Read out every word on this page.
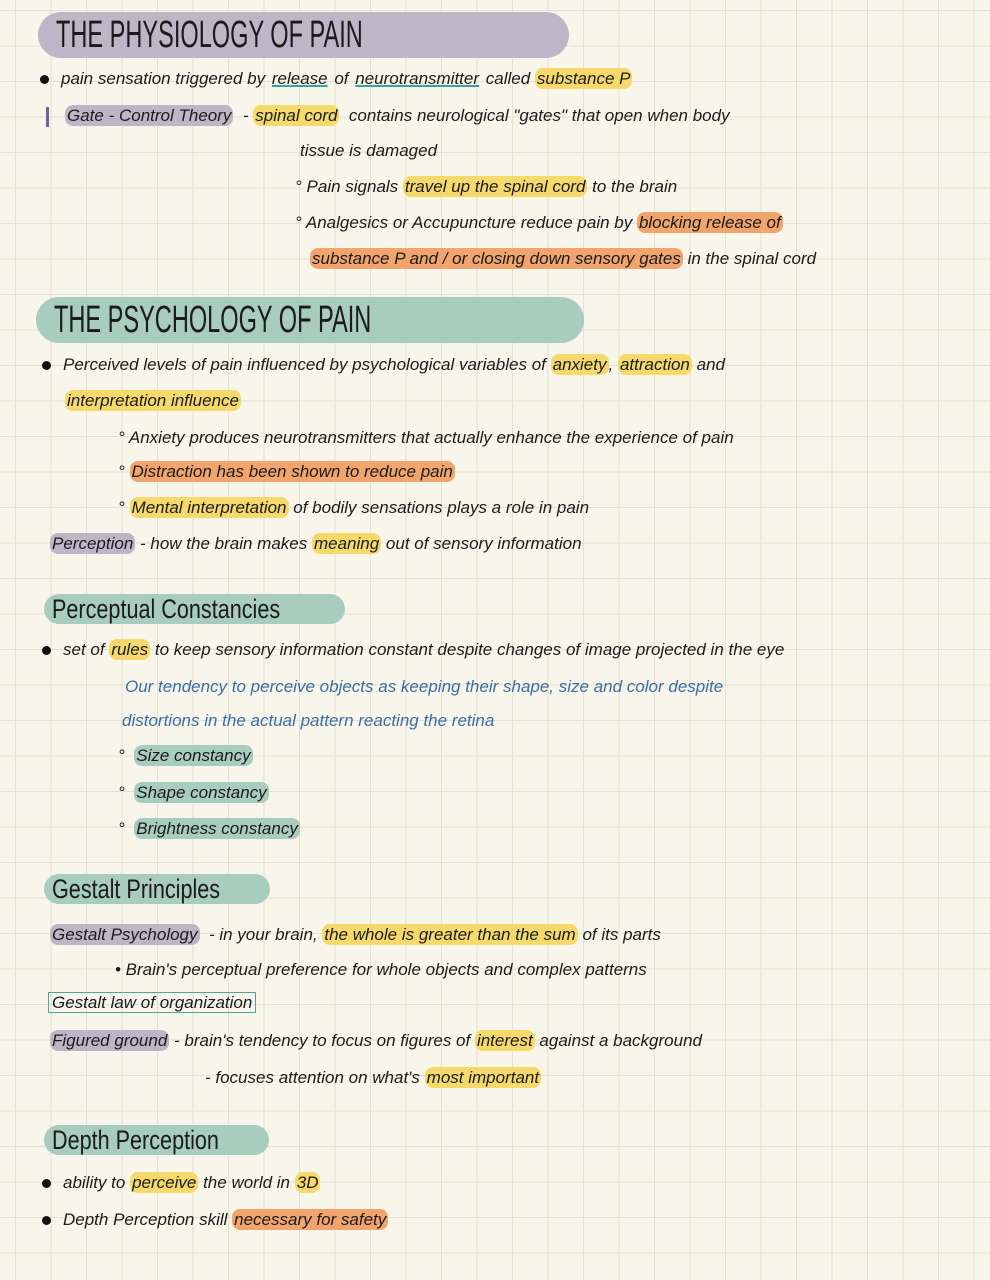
THE PHYSIOLOGY OF PAIN
THE PSYCHOLOGY OF PAIN
Perceptual Constancies
Gestalt Principles
Depth Perception
pain sensation triggered by release of neurotransmitter called substance P
Gate - Control Theory  - spinal cord  contains neurological "gates" that open when body
tissue is damaged
° Pain signals travel up the spinal cord to the brain
° Analgesics or Accupuncture reduce pain by blocking release of
substance P and / or closing down sensory gates in the spinal cord
Perceived levels of pain influenced by psychological variables of anxiety , attraction and
interpretation influence
° Anxiety produces neurotransmitters that actually enhance the experience of pain
° Distraction has been shown to reduce pain
° Mental interpretation of bodily sensations plays a role in pain
Perception - how the brain makes meaning out of sensory information
set of rules to keep sensory information constant despite changes of image projected in the eye
Our tendency to perceive objects as keeping their shape, size and color despite
distortions in the actual pattern reacting the retina
°  Size constancy
°  Shape constancy
°  Brightness constancy
Gestalt Psychology  - in your brain, the whole is greater than the sum of its parts
• Brain's perceptual preference for whole objects and complex patterns
Gestalt law of organization
Figured ground - brain's tendency to focus on figures of interest against a background
- focuses attention on what's most important
ability to perceive the world in 3D
Depth Perception skill necessary for safety
